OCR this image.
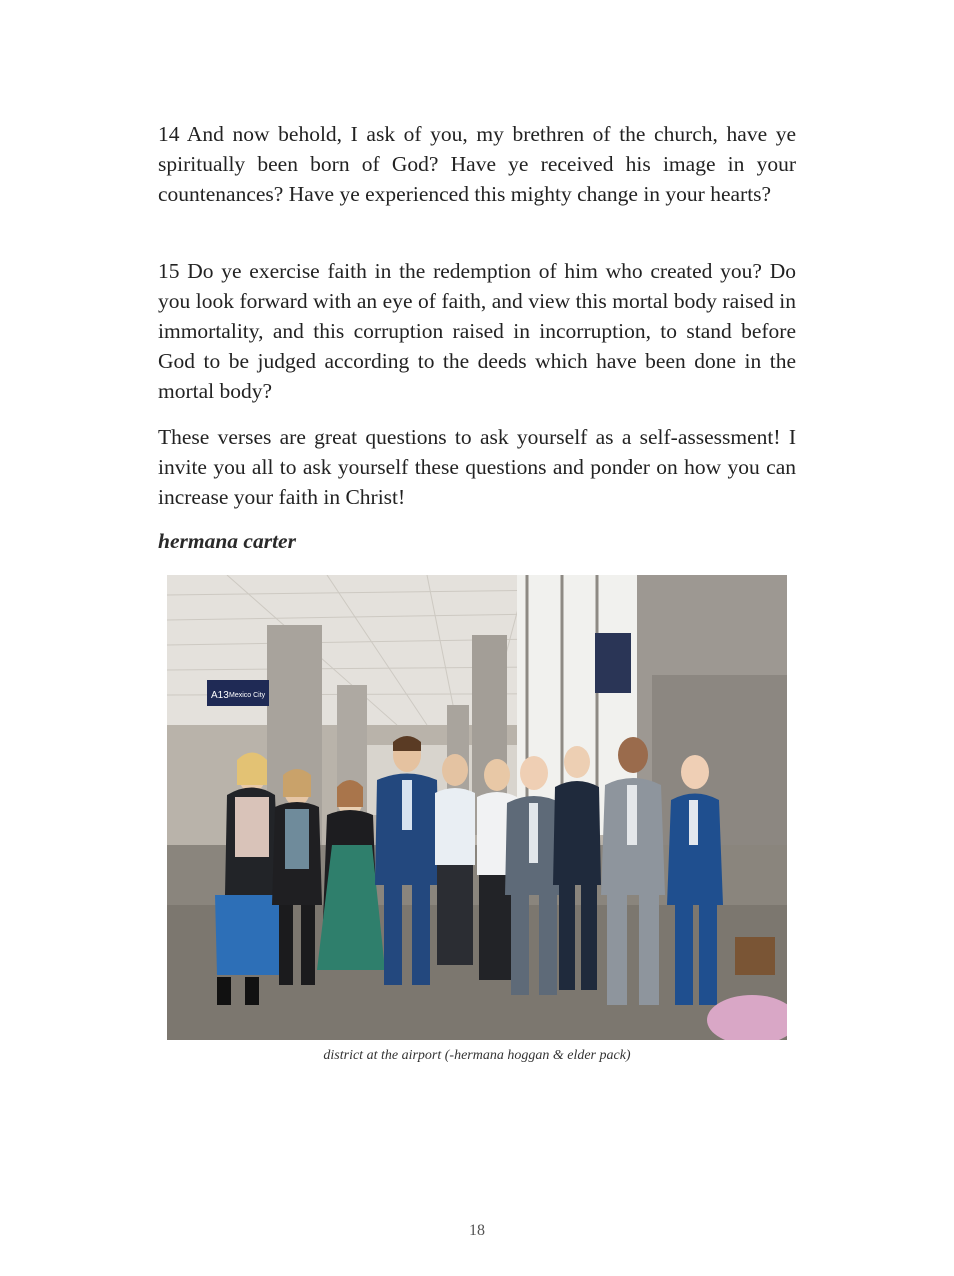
14 And now behold, I ask of you, my brethren of the church, have ye spiritually been born of God? Have ye received his image in your countenances? Have ye experienced this mighty change in your hearts?

15 Do ye exercise faith in the redemption of him who created you? Do you look forward with an eye of faith, and view this mortal body raised in immortality, and this corruption raised in incorruption, to stand before God to be judged according to the deeds which have been done in the mortal body?

These verses are great questions to ask yourself as a self-assessment! I invite you all to ask yourself these questions and ponder on how you can increase your faith in Christ!

hermana carter
A13 Mexico City
district at the airport (-hermana hoggan & elder pack)
18
